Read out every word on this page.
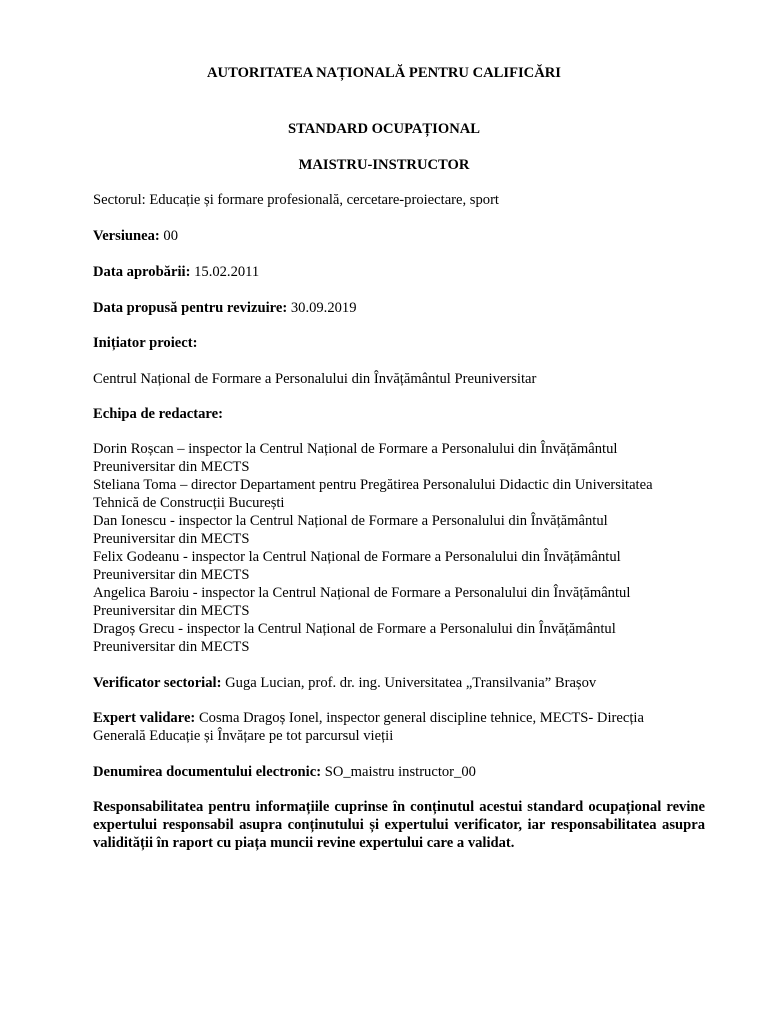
AUTORITATEA NAȚIONALĂ PENTRU CALIFICĂRI
STANDARD OCUPAȚIONAL
MAISTRU-INSTRUCTOR
Sectorul: Educație și formare profesională, cercetare-proiectare, sport
Versiunea: 00
Data aprobării: 15.02.2011
Data propusă pentru revizuire: 30.09.2019
Inițiator proiect:
Centrul Național de Formare a Personalului din Învățământul Preuniversitar
Echipa de redactare:
Dorin Roșcan – inspector la Centrul Național de Formare a Personalului din Învățământul
Preuniversitar din MECTS
Steliana Toma – director Departament pentru Pregătirea Personalului Didactic din Universitatea
Tehnică de Construcții București
Dan Ionescu - inspector la Centrul Național de Formare a Personalului din Învățământul
Preuniversitar din MECTS
Felix Godeanu - inspector la Centrul Național de Formare a Personalului din Învățământul
Preuniversitar din MECTS
Angelica Baroiu - inspector la Centrul Național de Formare a Personalului din Învățământul
Preuniversitar din MECTS
Dragoș Grecu - inspector la Centrul Național de Formare a Personalului din Învățământul
Preuniversitar din MECTS
Verificator sectorial: Guga Lucian, prof. dr. ing. Universitatea „Transilvania” Brașov
Expert validare: Cosma Dragoș Ionel, inspector general discipline tehnice, MECTS- Direcția
Generală Educație și Învățare pe tot parcursul vieții
Denumirea documentului electronic: SO_maistru instructor_00
Responsabilitatea pentru informațiile cuprinse în conținutul acestui standard ocupațional revine expertului responsabil asupra conținutului și expertului verificator, iar responsabilitatea asupra validității în raport cu piața muncii revine expertului care a validat.
